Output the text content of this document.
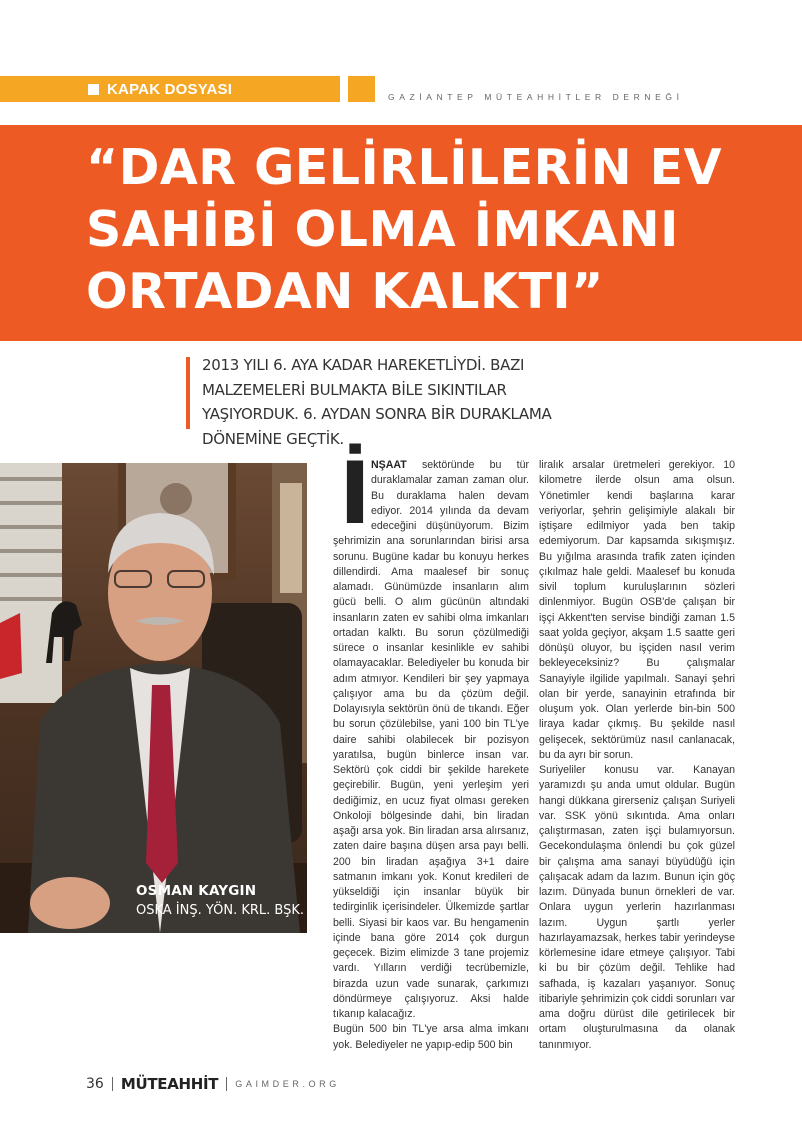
KAPAK DOSYASI	GAZİANTEP MÜTEAHHİTLER DERNEĞİ
“DAR GELİRLİLERİN EV SAHİBİ OLMA İMKANI ORTADAN KALKTI”

2013 YILI 6. AYA KADAR HAREKETLİYDİ. BAZI MALZEMELERİ BULMAKTA BİLE SIKINTILAR YAŞIYORDUK. 6. AYDAN SONRA BİR DURAKLAMA DÖNEMİNE GEÇTİK.

OSMAN KAYGIN
OSKA İNŞ. YÖN. KRL. BŞK.

İ NŞAAT sektöründe bu tür duraklamalar zaman zaman olur. Bu duraklama halen devam ediyor. 2014 yılında da devam edeceğini düşünüyorum. Bizim şehrimizin ana sorunlarından birisi arsa sorunu. Bugüne kadar bu konuyu herkes dillendirdi. Ama maalesef bir sonuç alamadı. Günümüzde insanların alım gücü belli. O alım gücünün altındaki insanların zaten ev sahibi olma imkanları ortadan kalktı. Bu sorun çözülmediği sürece o insanlar kesinlikle ev sahibi olamayacaklar. Belediyeler bu konuda bir adım atmıyor. Kendileri bir şey yapmaya çalışıyor ama bu da çözüm değil. Dolayısıyla sektörün önü de tıkandı. Eğer bu sorun çözülebilse, yani 100 bin TL'ye daire sahibi olabilecek bir pozisyon yaratılsa, bugün binlerce insan var. Sektörü çok ciddi bir şekilde harekete geçirebilir. Bugün, yeni yerleşim yeri dediğimiz, en ucuz fiyat olması gereken Onkoloji bölgesinde dahi, bin liradan aşağı arsa yok. Bin liradan arsa alırsanız, zaten daire başına düşen arsa payı belli. 200 bin liradan aşağıya 3+1 daire satmanın imkanı yok. Konut kredileri de yükseldiği için insanlar büyük bir tedirginlik içerisindeler. Ülkemizde şartlar belli. Siyasi bir kaos var. Bu hengamenin içinde bana göre 2014 çok durgun geçecek. Bizim elimizde 3 tane projemiz vardı. Yılların verdiği tecrübemizle, birazda uzun vade sunarak, çarkımızı döndürmeye çalışıyoruz. Aksi halde tıkanıp kalacağız.

Bugün 500 bin TL'ye arsa alma imkanı yok. Belediyeler ne yapıp-edip 500 bin

liralık arsalar üretmeleri gerekiyor. 10 kilometre ilerde olsun ama olsun. Yönetimler kendi başlarına karar veriyorlar, şehrin gelişimiyle alakalı bir iştişare edilmiyor yada ben takip edemiyorum. Dar kapsamda sıkışmışız. Bu yığılma arasında trafik zaten içinden çıkılmaz hale geldi. Maalesef bu konuda sivil toplum kuruluşlarının sözleri dinlenmiyor. Bugün OSB'de çalışan bir işçi Akkent'ten servise bindiği zaman 1.5 saat yolda geçiyor, akşam 1.5 saatte geri dönüşü oluyor, bu işçiden nasıl verim bekleyeceksiniz? Bu çalışmalar Sanayiyle ilgilide yapılmalı. Sanayi şehri olan bir yerde, sanayinin etrafında bir oluşum yok. Olan yerlerde bin-bin 500 liraya kadar çıkmış. Bu şekilde nasıl gelişecek, sektörümüz nasıl canlanacak, bu da ayrı bir sorun.

Suriyeliler konusu var. Kanayan yaramızdı şu anda umut oldular. Bugün hangi dükkana girerseniz çalışan Suriyeli var. SSK yönü sıkıntıda. Ama onları çalıştırmasan, zaten işçi bulamıyorsun. Gecekondulaşma önlendi bu çok güzel bir çalışma ama sanayi büyüdüğü için çalışacak adam da lazım. Bunun için göç lazım. Dünyada bunun örnekleri de var. Onlara uygun yerlerin hazırlanması lazım. Uygun şartlı yerler hazırlayamazsak, herkes tabir yerindeyse körlemesine idare etmeye çalışıyor. Tabi ki bu bir çözüm değil. Tehlike had safhada, iş kazaları yaşanıyor. Sonuç itibariyle şehrimizin çok ciddi sorunları var ama doğru dürüst dile getirilecek bir ortam oluşturulmasına da olanak tanınmıyor.

36 MÜTEAHHİT GAIMDER.ORG
